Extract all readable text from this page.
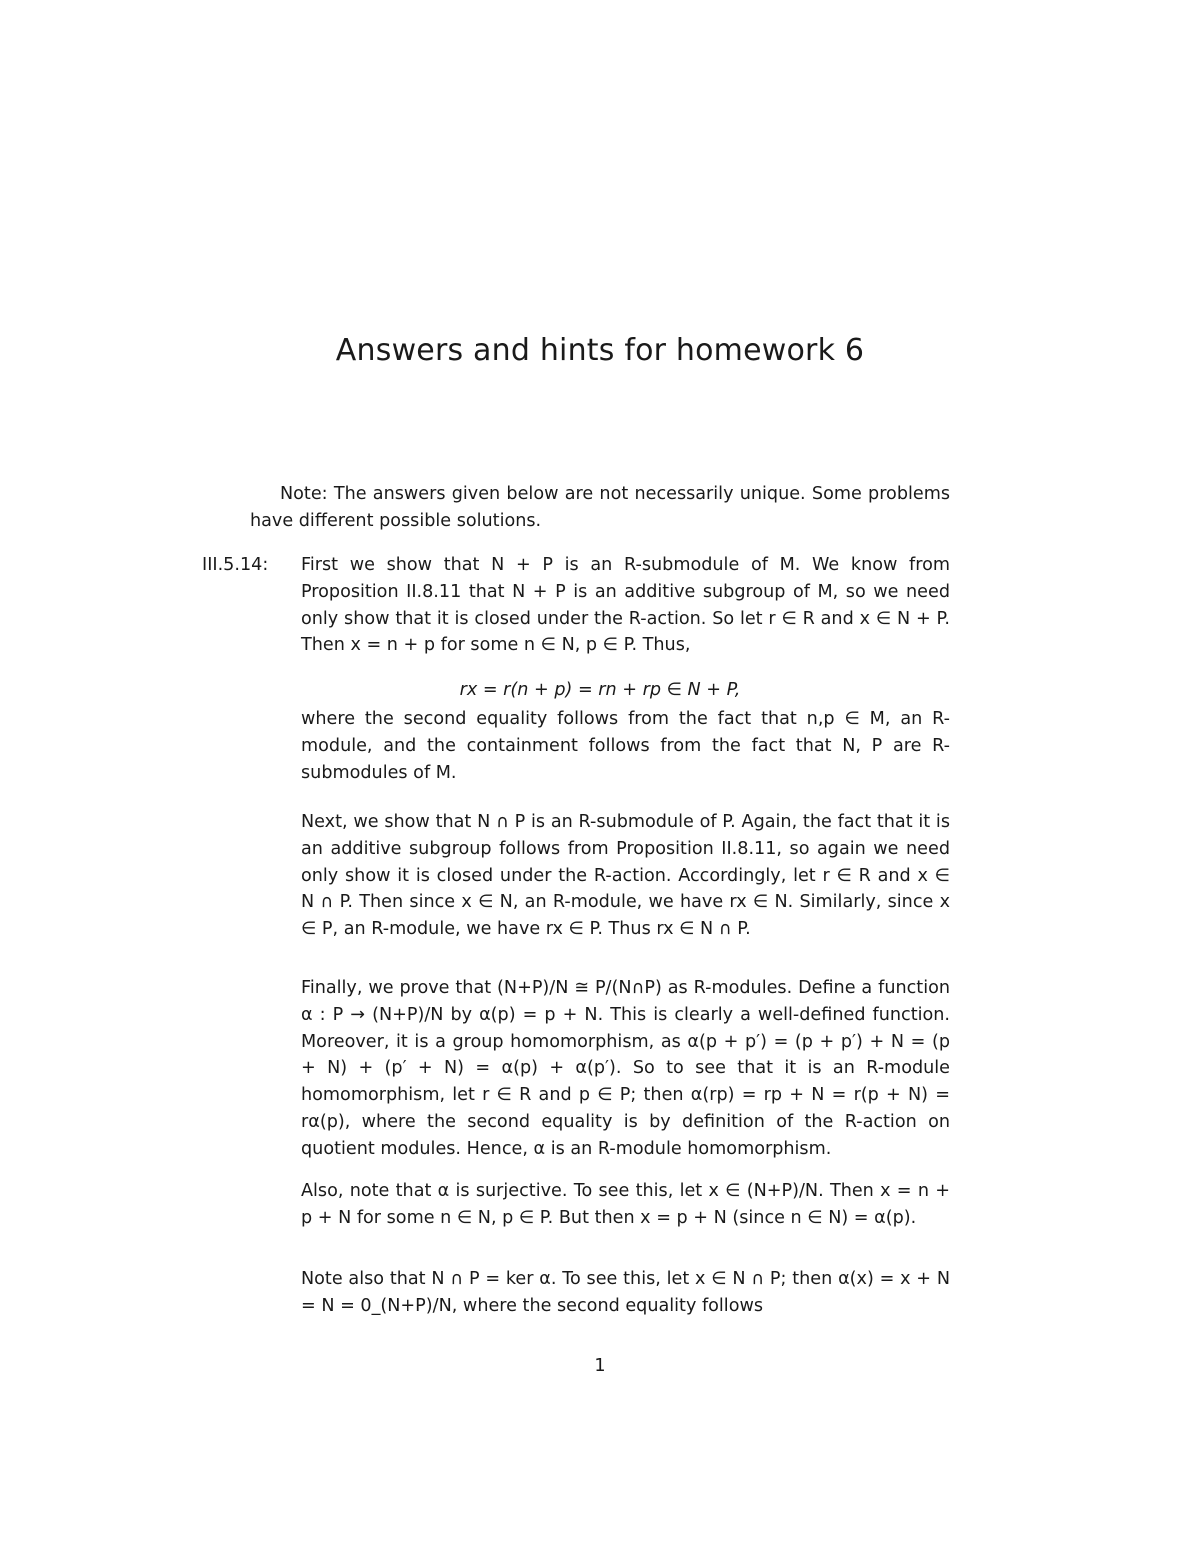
Answers and hints for homework 6

Note: The answers given below are not necessarily unique. Some problems have different possible solutions.

III.5.14: First we show that N + P is an R-submodule of M. We know from Proposition II.8.11 that N + P is an additive subgroup of M, so we need only show that it is closed under the R-action. So let r ∈ R and x ∈ N + P. Then x = n + p for some n ∈ N, p ∈ P. Thus,

rx = r(n + p) = rn + rp ∈ N + P,

where the second equality follows from the fact that n,p ∈ M, an R-module, and the containment follows from the fact that N, P are R-submodules of M.

Next, we show that N ∩ P is an R-submodule of P. Again, the fact that it is an additive subgroup follows from Proposition II.8.11, so again we need only show it is closed under the R-action. Accordingly, let r ∈ R and x ∈ N ∩ P. Then since x ∈ N, an R-module, we have rx ∈ N. Similarly, since x ∈ P, an R-module, we have rx ∈ P. Thus rx ∈ N ∩ P.

Finally, we prove that (N+P)/N ≅ P/(N∩P) as R-modules. Define a function α : P → (N+P)/N by α(p) = p + N. This is clearly a well-defined function. Moreover, it is a group homomorphism, as α(p + p′) = (p + p′) + N = (p + N) + (p′ + N) = α(p) + α(p′). So to see that it is an R-module homomorphism, let r ∈ R and p ∈ P; then α(rp) = rp + N = r(p + N) = rα(p), where the second equality is by definition of the R-action on quotient modules. Hence, α is an R-module homomorphism.

Also, note that α is surjective. To see this, let x ∈ (N+P)/N. Then x = n + p + N for some n ∈ N, p ∈ P. But then x = p + N (since n ∈ N) = α(p).

Note also that N ∩ P = ker α. To see this, let x ∈ N ∩ P; then α(x) = x + N = N = 0_(N+P)/N, where the second equality follows

1
